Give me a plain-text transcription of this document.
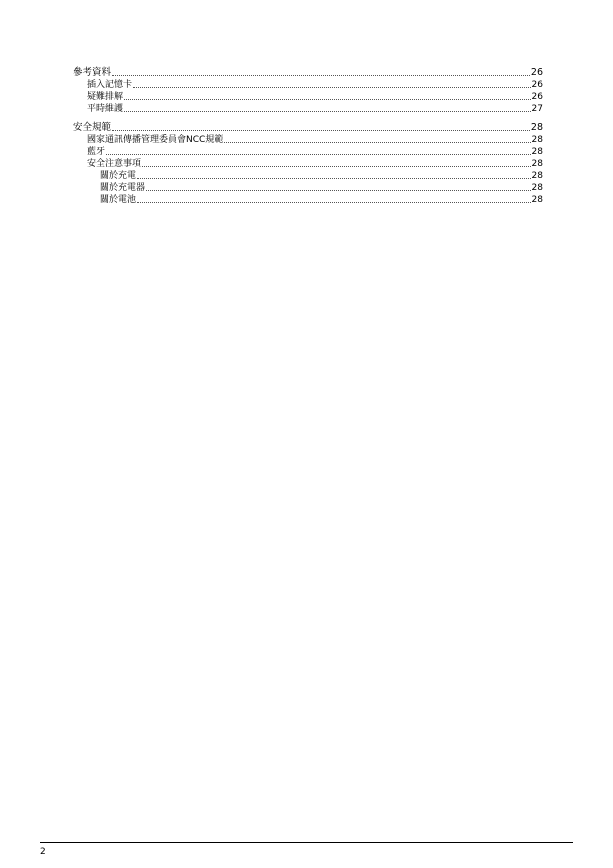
參考資料	26
插入記憶卡	26
疑難排解	26
平時維護	27
安全規範	28
國家通訊傳播管理委員會NCC規範	28
藍牙	28
安全注意事項	28
關於充電	28
關於充電器	28
關於電池	28
2
